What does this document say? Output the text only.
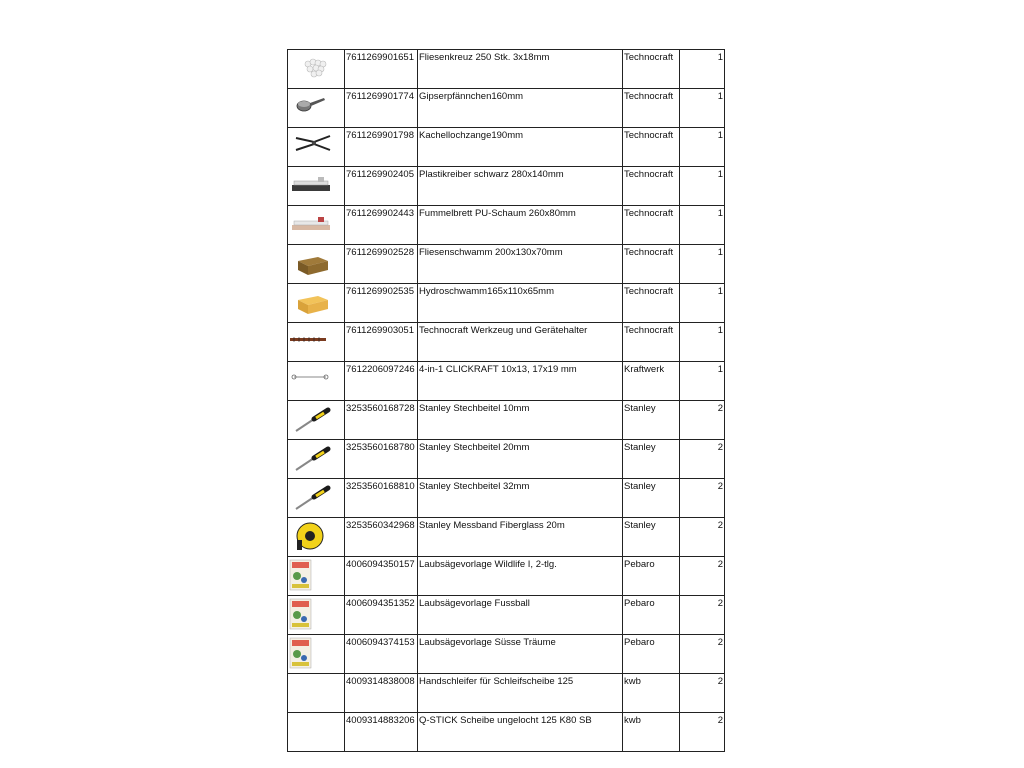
	7611269901651	Fliesenkreuz 250 Stk. 3x18mm	Technocraft	1

	7611269901774	Gipserpfännchen160mm	Technocraft	1

	7611269901798	Kachellochzange190mm	Technocraft	1

	7611269902405	Plastikreiber schwarz 280x140mm	Technocraft	1

	7611269902443	Fummelbrett PU-Schaum 260x80mm	Technocraft	1

	7611269902528	Fliesenschwamm 200x130x70mm	Technocraft	1

	7611269902535	Hydroschwamm165x110x65mm	Technocraft	1

	7611269903051	Technocraft Werkzeug und Gerätehalter	Technocraft	1

	7612206097246	4-in-1 CLICKRAFT 10x13, 17x19 mm	Kraftwerk	1

	3253560168728	Stanley Stechbeitel 10mm	Stanley	2

	3253560168780	Stanley Stechbeitel 20mm	Stanley	2

	3253560168810	Stanley Stechbeitel 32mm	Stanley	2

	3253560342968	Stanley Messband Fiberglass 20m	Stanley	2

	4006094350157	Laubsägevorlage Wildlife I, 2-tlg.	Pebaro	2

	4006094351352	Laubsägevorlage Fussball	Pebaro	2

	4006094374153	Laubsägevorlage Süsse Träume	Pebaro	2
	4009314838008	Handschleifer für Schleifscheibe 125	kwb	2
	4009314883206	Q-STICK Scheibe ungelocht 125 K80 SB	kwb	2
